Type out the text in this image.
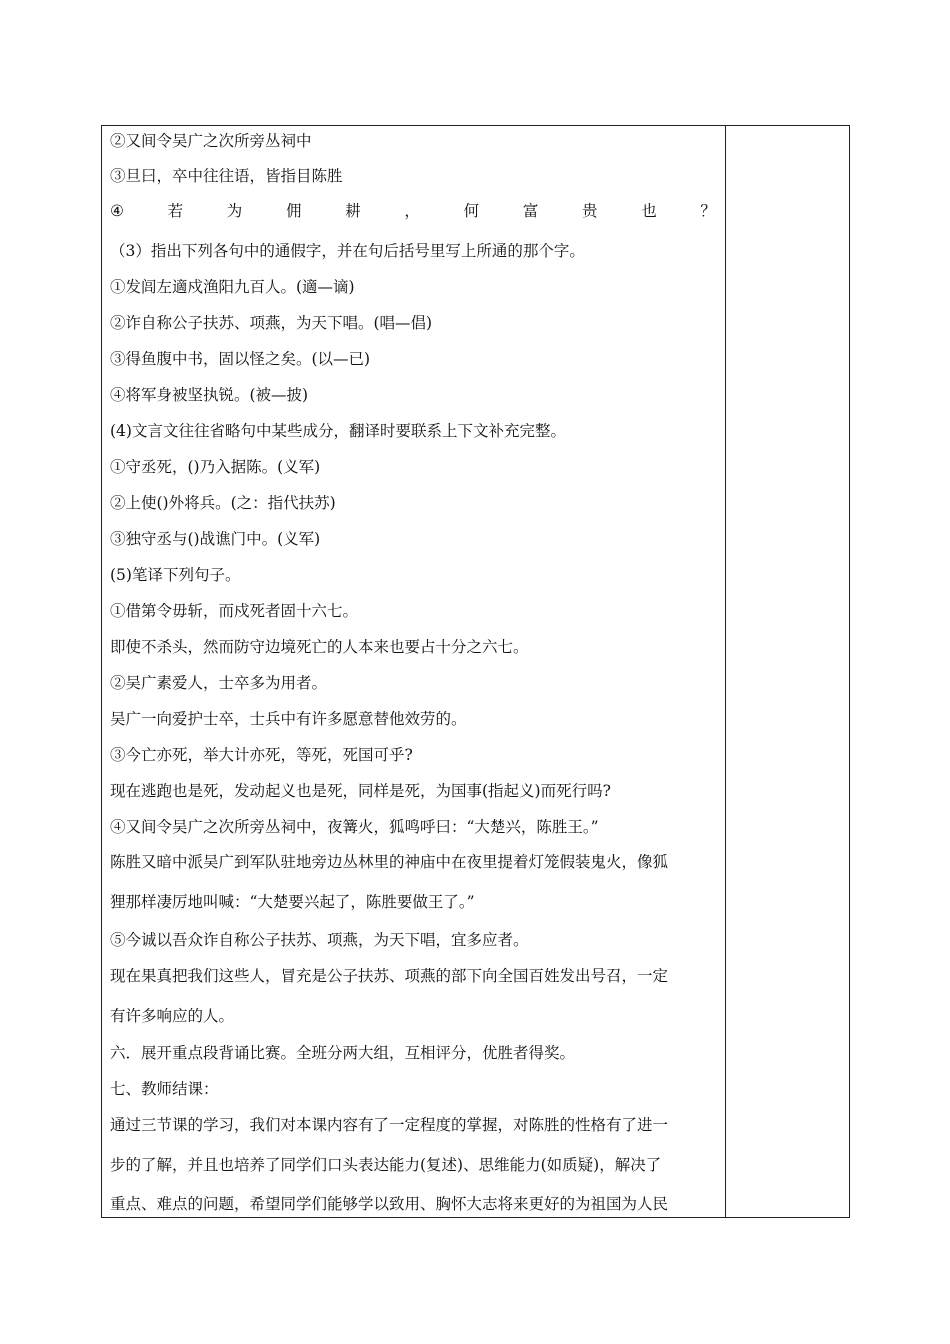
②又间令吴广之次所旁丛祠中
③旦曰，卒中往往语，皆指目陈胜
④	若	为	佣	耕	，	何	富	贵	也	？
（3）指出下列各句中的通假字，并在句后括号里写上所通的那个字。
①发闾左適戍渔阳九百人。(適—谪)
②诈自称公子扶苏、项燕，为天下唱。(唱—倡)
③得鱼腹中书，固以怪之矣。(以—已)
④将军身被坚执锐。(被—披)
(4)文言文往往省略句中某些成分，翻译时要联系上下文补充完整。
①守丞死，()乃入据陈。(义军)
②上使()外将兵。(之：指代扶苏)
③独守丞与()战谯门中。(义军)
(5)笔译下列句子。
①借第令毋斩，而戍死者固十六七。
即使不杀头，然而防守边境死亡的人本来也要占十分之六七。
②吴广素爱人，士卒多为用者。
吴广一向爱护士卒，士兵中有许多愿意替他效劳的。
③今亡亦死，举大计亦死，等死，死国可乎?
现在逃跑也是死，发动起义也是死，同样是死，为国事(指起义)而死行吗?
④又间令吴广之次所旁丛祠中，夜篝火，狐鸣呼曰：“大楚兴，陈胜王。”
陈胜又暗中派吴广到军队驻地旁边丛林里的神庙中在夜里提着灯笼假装鬼火，像狐
狸那样凄厉地叫喊：“大楚要兴起了，陈胜要做王了。”
⑤今诚以吾众诈自称公子扶苏、项燕，为天下唱，宜多应者。
现在果真把我们这些人，冒充是公子扶苏、项燕的部下向全国百姓发出号召，一定
有许多响应的人。
六．展开重点段背诵比赛。全班分两大组，互相评分，优胜者得奖。
七、教师结课：
通过三节课的学习，我们对本课内容有了一定程度的掌握，对陈胜的性格有了进一
步的了解，并且也培养了同学们口头表达能力(复述)、思维能力(如质疑)，解决了
重点、难点的问题，希望同学们能够学以致用、胸怀大志将来更好的为祖国为人民
